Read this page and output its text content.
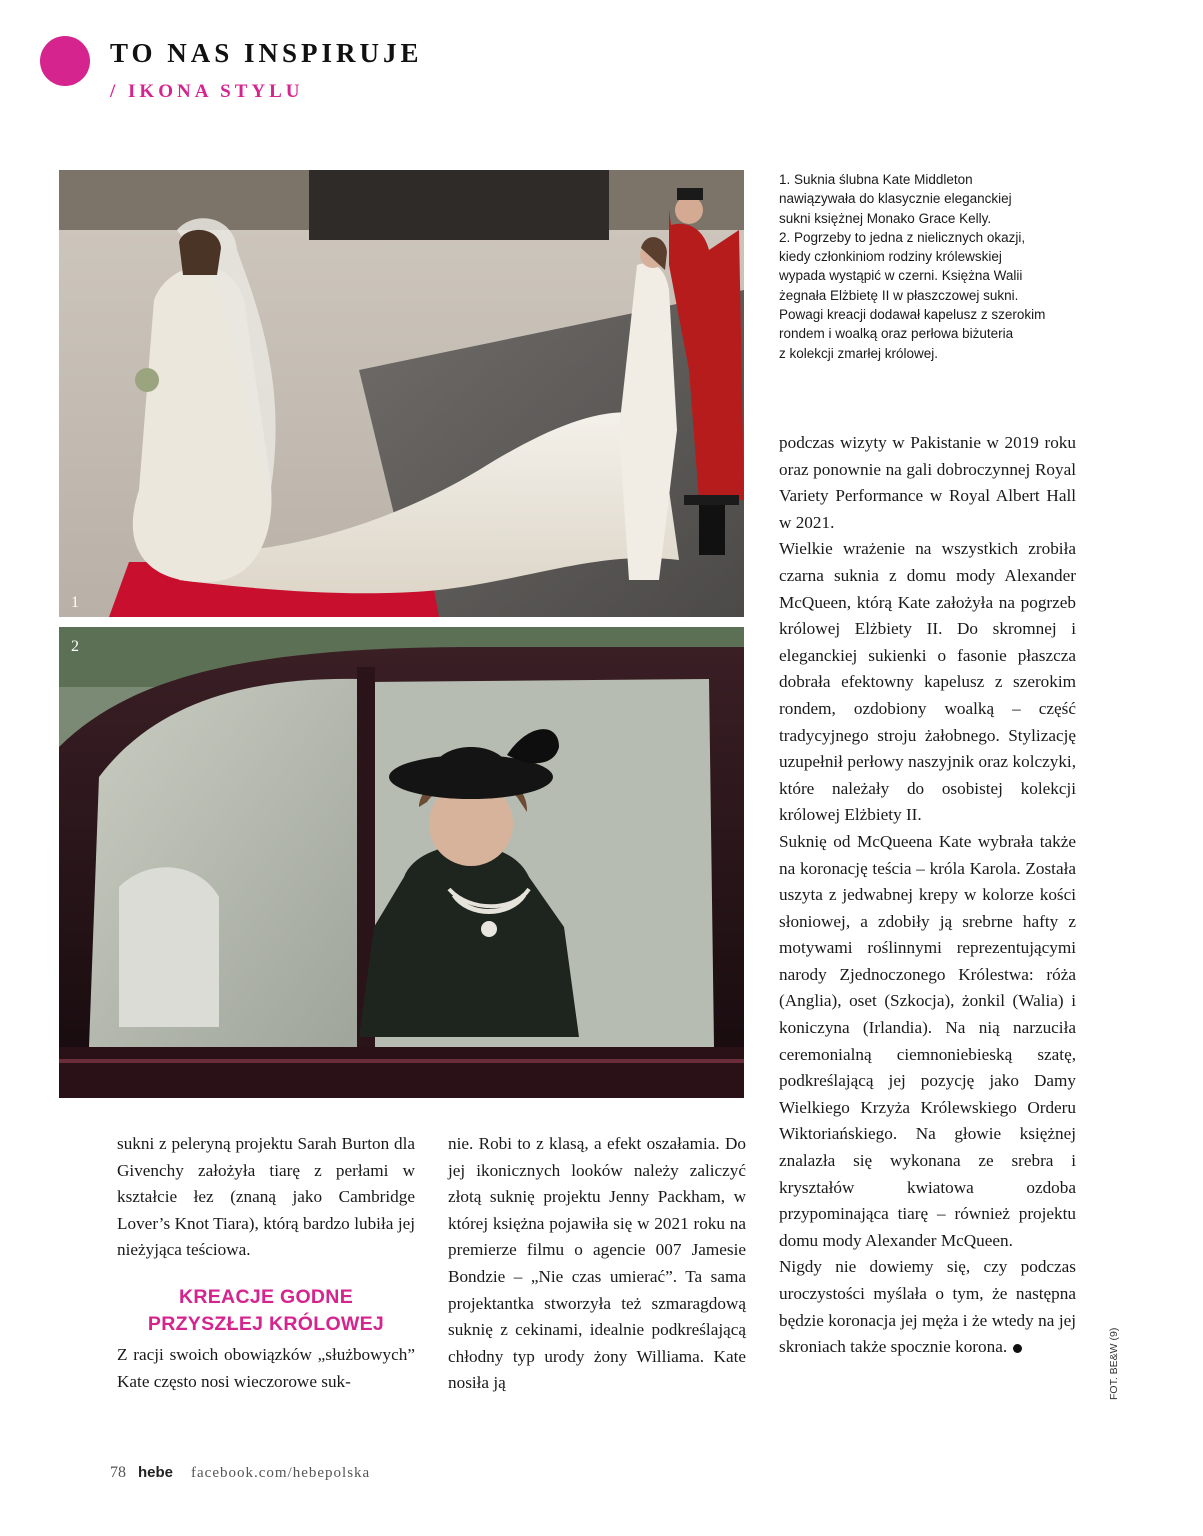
TO NAS INSPIRUJE
/ IKONA STYLU
1
2

1. Suknia ślubna Kate Middleton

nawiązywała do klasycznie eleganckiej

sukni księżnej Monako Grace Kelly.

2. Pogrzeby to jedna z nielicznych okazji,

kiedy członkiniom rodziny królewskiej

wypada wystąpić w czerni. Księżna Walii

żegnała Elżbietę II w płaszczowej sukni.

Powagi kreacji dodawał kapelusz z szerokim

rondem i woalką oraz perłowa biżuteria

z kolekcji zmarłej królowej.

podczas wizyty w Pakistanie w 2019 roku oraz ponownie na gali dobroczynnej Royal Variety Performance w Royal Albert Hall w 2021.

Wielkie wrażenie na wszystkich zrobiła czarna suknia z domu mody Alexander McQueen, którą Kate założyła na pogrzeb królowej Elżbiety II. Do skromnej i eleganckiej sukienki o fasonie płaszcza dobrała efektowny kapelusz z szerokim rondem, ozdobiony woalką – część tradycyjnego stroju żałobnego. Stylizację uzupełnił perłowy naszyjnik oraz kolczyki, które należały do osobistej kolekcji królowej Elżbiety II.

Suknię od McQueena Kate wybrała także na koronację teścia – króla Karola. Została uszyta z jedwabnej krepy w kolorze kości słoniowej, a zdobiły ją srebrne hafty z motywami roślinnymi reprezentującymi narody Zjednoczonego Królestwa: róża (Anglia), oset (Szkocja), żonkil (Walia) i koniczyna (Irlandia). Na nią narzuciła ceremonialną ciemnoniebieską szatę, podkreślającą jej pozycję jako Damy Wielkiego Krzyża Królewskiego Orderu Wiktoriańskiego. Na głowie księżnej znalazła się wykonana ze srebra i kryształów kwiatowa ozdoba przypominająca tiarę – również projektu domu mody Alexander McQueen.

Nigdy nie dowiemy się, czy podczas uroczystości myślała o tym, że następna będzie koronacja jej męża i że wtedy na jej skroniach także spocznie korona.

sukni z peleryną projektu Sarah Burton dla Givenchy założyła tiarę z perłami w kształcie łez (znaną jako Cambridge Lover’s Knot Tiara), którą bardzo lubiła jej nieżyjąca teściowa.

KREACJE GODNE
PRZYSZŁEJ KRÓLOWEJ

Z racji swoich obowiązków „służbowych” Kate często nosi wieczorowe suk-

nie. Robi to z klasą, a efekt oszałamia. Do jej ikonicznych looków należy zaliczyć złotą suknię projektu Jenny Packham, w której księżna pojawiła się w 2021 roku na premierze filmu o agencie 007 Jamesie Bondzie – „Nie czas umierać”. Ta sama projektantka stworzyła też szmaragdową suknię z cekinami, idealnie podkreślającą chłodny typ urody żony Williama. Kate nosiła ją	FOT. BE&W (9)
78 hebe facebook.com/hebepolska
